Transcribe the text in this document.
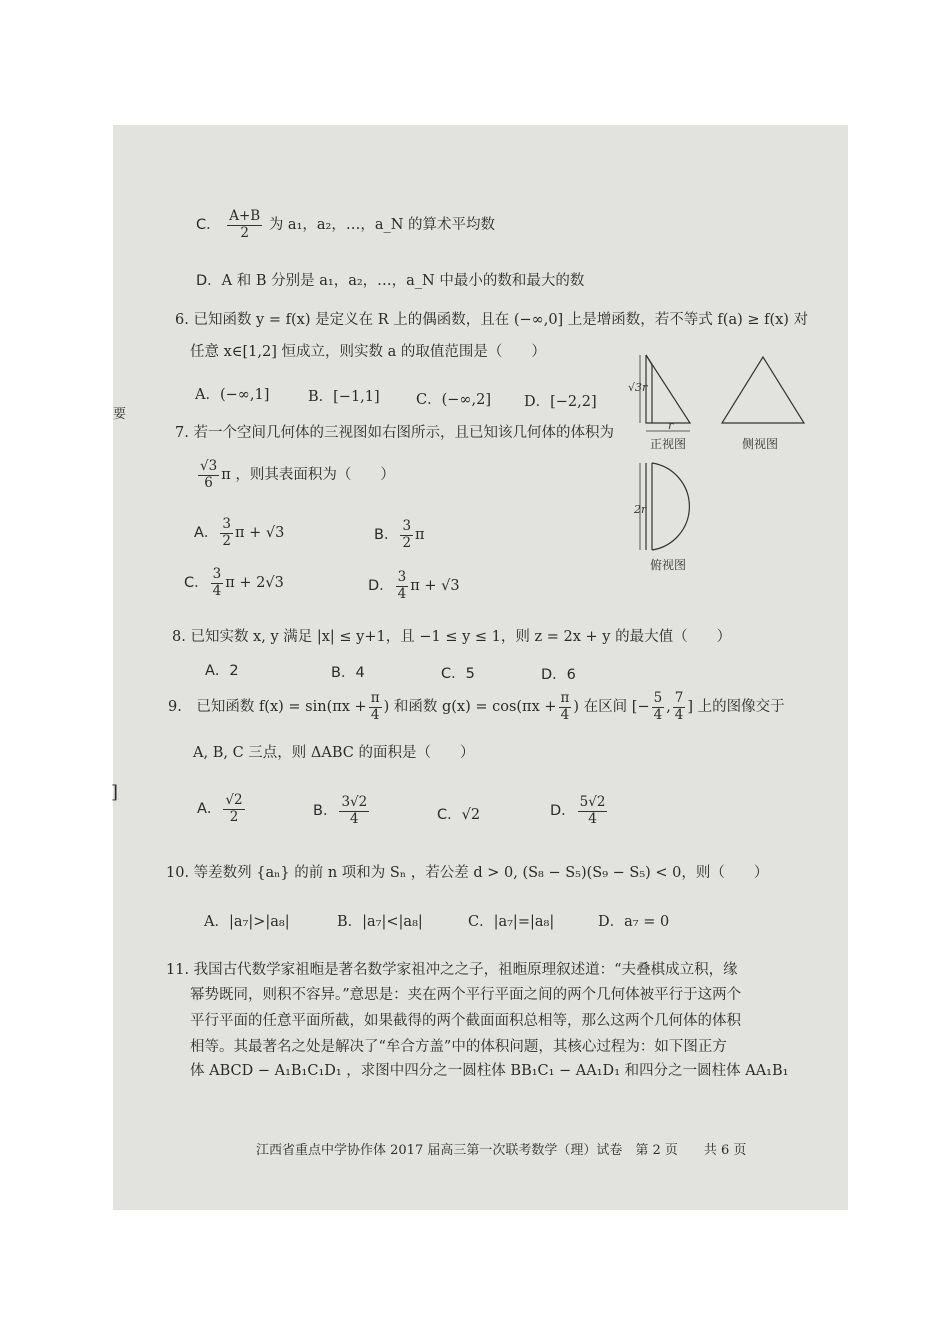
要
]
C． $\frac{A+B}{2}$ 为 a₁，a₂，…，a_N 的算术平均数
D．A 和 B 分别是 a₁，a₂，…，a_N 中最小的数和最大的数
6. 已知函数 y = f(x) 是定义在 R 上的偶函数，且在 (−∞,0] 上是增函数，若不等式 f(a) ≥ f(x) 对
任意 x∈[1,2] 恒成立，则实数 a 的取值范围是（　　）
A．(−∞,1]	B．[−1,1]	C．(−∞,2] D．[−2,2]
7. 若一个空间几何体的三视图如右图所示，且已知该几何体的体积为
$\frac{√3}{6}$ π ，则其表面积为（　　）
A． $\frac{3}{2}$ π + √3	B． $\frac{3}{2}$ π
C． $\frac{3}{4}$ π + 2√3	D． $\frac{3}{4}$ π + √3
√3r
r
正视图	侧视图
2r
俯视图
8. 已知实数 x, y 满足 |x| ≤ y+1，且 −1 ≤ y ≤ 1，则 z = 2x + y 的最大值（　　）
A．2	B．4	C．5	D．6
9.　已知函数 $f(x) = \sin(\pi x + \frac{\pi}{4}$ ) 和函数 $g(x) = \cos(\pi x + \frac{\pi}{4}$ ) 在区间 [− $\frac{5}{4}$ , $\frac{7}{4}$ ] 上的图像交于
A, B, C 三点，则 ΔABC 的面积是（　　）
A． $\frac{√2}{2}$	B． $\frac{3√2}{4}$	C．√2	D． $\frac{5√2}{4}$
10. 等差数列 {aₙ} 的前 n 项和为 Sₙ ，若公差 d > 0, (S₈ − S₅)(S₉ − S₅) < 0，则（　　）
A．|a₇|>|a₈|	B．|a₇|<|a₈|	C．|a₇|=|a₈|	D．a₇ = 0
11. 我国古代数学家祖暅是著名数学家祖冲之之子，祖暅原理叙述道：“夫叠棋成立积，缘
幂势既同，则积不容异。”意思是：夹在两个平行平面之间的两个几何体被平行于这两个
平行平面的任意平面所截，如果截得的两个截面面积总相等，那么这两个几何体的体积
相等。其最著名之处是解决了“牟合方盖”中的体积问题，其核心过程为：如下图正方
体 ABCD − A₁B₁C₁D₁ ，求图中四分之一圆柱体 BB₁C₁ − AA₁D₁ 和四分之一圆柱体 AA₁B₁
江西省重点中学协作体 2017 届高三第一次联考数学（理）试卷　第 2 页　　共 6 页
